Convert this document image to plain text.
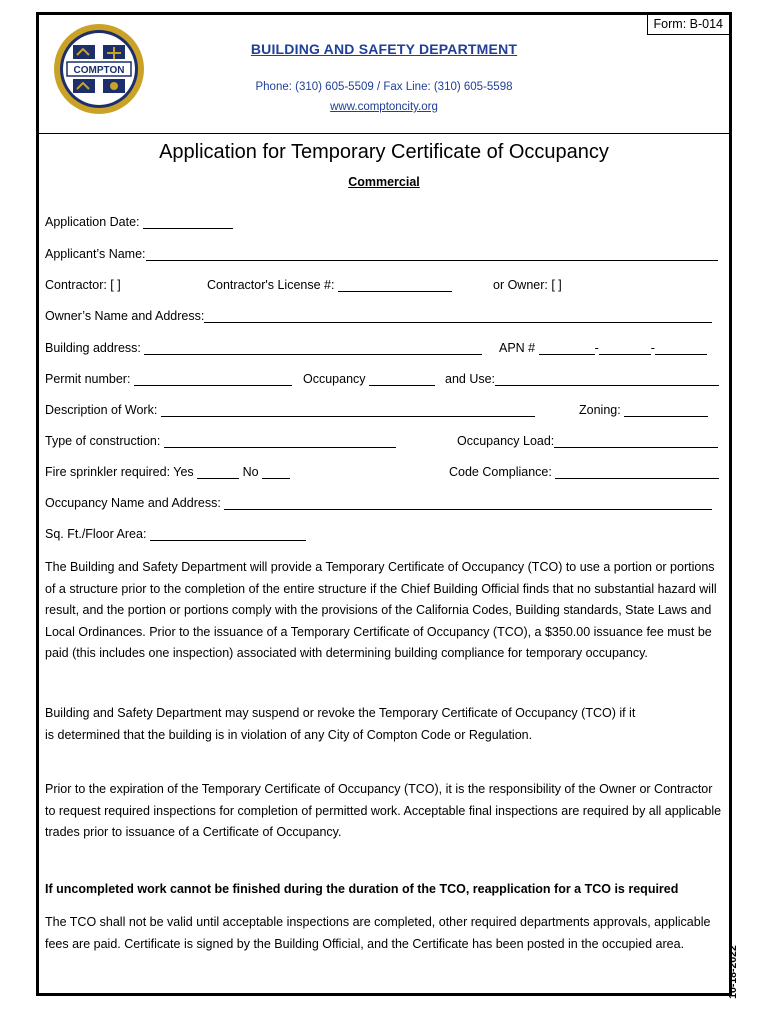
Form: B-014
COMPTON
BUILDING AND SAFETY DEPARTMENT
Phone: (310) 605-5509 / Fax Line: (310) 605-5598
www.comptoncity.org
Application for Temporary Certificate of Occupancy
Commercial
Application Date:
Applicant’s Name:
Contractor: [ ]	Contractor's License #:	or Owner: [ ]
Owner’s Name and Address:
Building address:	APN #	-	-
Permit number:	Occupancy	and Use:
Description of Work:	Zoning:
Type of construction:	Occupancy Load:
Fire sprinkler required: Yes	No	Code Compliance:
Occupancy Name and Address:
Sq. Ft./Floor Area:
The Building and Safety Department will provide a Temporary Certificate of Occupancy (TCO) to use a portion or portions of a structure prior to the completion of the entire structure if the Chief Building Official finds that no substantial hazard will result, and the portion or portions comply with the provisions of the California Codes, Building standards, State Laws and Local Ordinances. Prior to the issuance of a Temporary Certificate of Occupancy (TCO), a $350.00 issuance fee must be paid (this includes one inspection) associated with determining building compliance for temporary occupancy.
Building and Safety Department may suspend or revoke the Temporary Certificate of Occupancy (TCO) if it is determined that the building is in violation of any City of Compton Code or Regulation.
Prior to the expiration of the Temporary Certificate of Occupancy (TCO), it is the responsibility of the Owner or Contractor to request required inspections for completion of permitted work. Acceptable final inspections are required by all applicable trades prior to issuance of a Certificate of Occupancy.
If uncompleted work cannot be finished during the duration of the TCO, reapplication for a TCO is required
The TCO shall not be valid until acceptable inspections are completed, other required departments approvals, applicable fees are paid. Certificate is signed by the Building Official, and the Certificate has been posted in the occupied area.
10-18-2022
